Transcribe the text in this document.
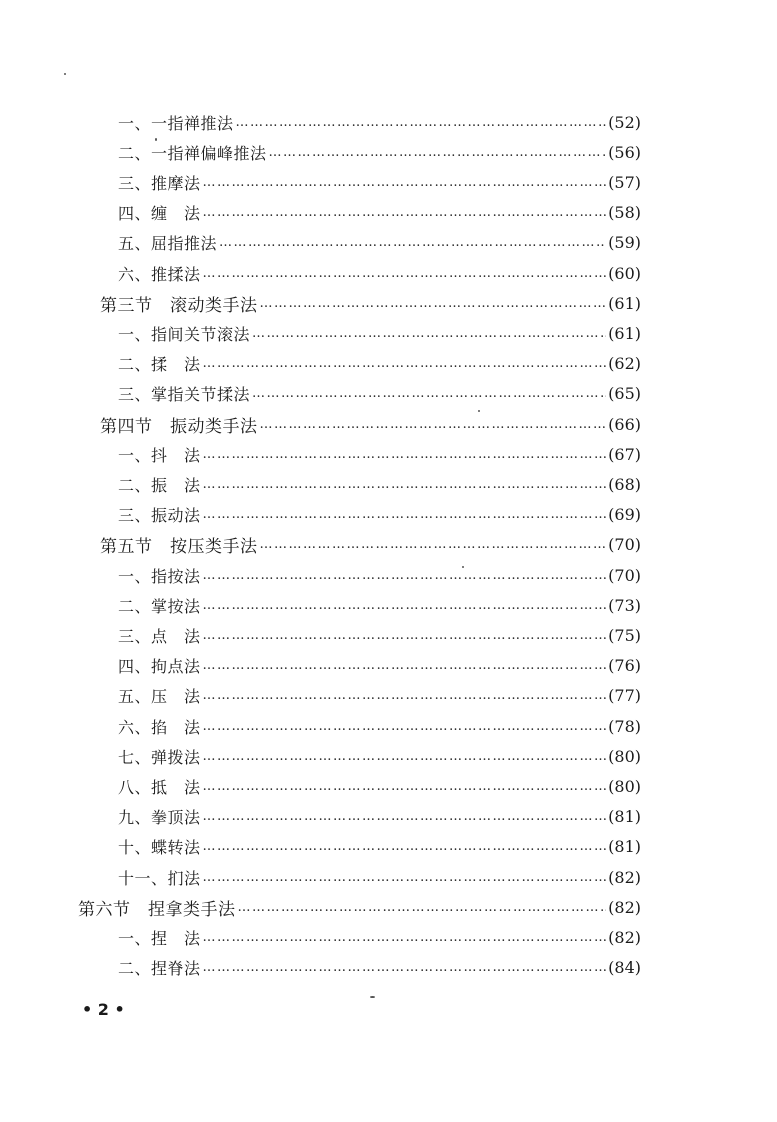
一、一指禅推法 …………………………………………………………………………………………………………………………………………	(52)
二、一指禅偏峰推法 …………………………………………………………………………………………………………………………………………	(56)
三、推摩法 …………………………………………………………………………………………………………………………………………	(57)
四、缠　法 …………………………………………………………………………………………………………………………………………	(58)
五、屈指推法 …………………………………………………………………………………………………………………………………………	(59)
六、推揉法 …………………………………………………………………………………………………………………………………………	(60)
第三节　滚动类手法 …………………………………………………………………………………………………………………………………………	(61)
一、指间关节滚法 …………………………………………………………………………………………………………………………………………	(61)
二、揉　法 …………………………………………………………………………………………………………………………………………	(62)
三、掌指关节揉法 …………………………………………………………………………………………………………………………………………	(65)
第四节　振动类手法 …………………………………………………………………………………………………………………………………………	(66)
一、抖　法 …………………………………………………………………………………………………………………………………………	(67)
二、振　法 …………………………………………………………………………………………………………………………………………	(68)
三、振动法 …………………………………………………………………………………………………………………………………………	(69)
第五节　按压类手法 …………………………………………………………………………………………………………………………………………	(70)
一、指按法 …………………………………………………………………………………………………………………………………………	(70)
二、掌按法 …………………………………………………………………………………………………………………………………………	(73)
三、点　法 …………………………………………………………………………………………………………………………………………	(75)
四、拘点法 …………………………………………………………………………………………………………………………………………	(76)
五、压　法 …………………………………………………………………………………………………………………………………………	(77)
六、掐　法 …………………………………………………………………………………………………………………………………………	(78)
七、弹拨法 …………………………………………………………………………………………………………………………………………	(80)
八、抵　法 …………………………………………………………………………………………………………………………………………	(80)
九、拳顶法 …………………………………………………………………………………………………………………………………………	(81)
十、蝶转法 …………………………………………………………………………………………………………………………………………	(81)
十一、扪法 …………………………………………………………………………………………………………………………………………	(82)
第六节　捏拿类手法 …………………………………………………………………………………………………………………………………………	(82)
一、捏　法 …………………………………………………………………………………………………………………………………………	(82)
二、捏脊法 …………………………………………………………………………………………………………………………………………	(84)
• 2 •
